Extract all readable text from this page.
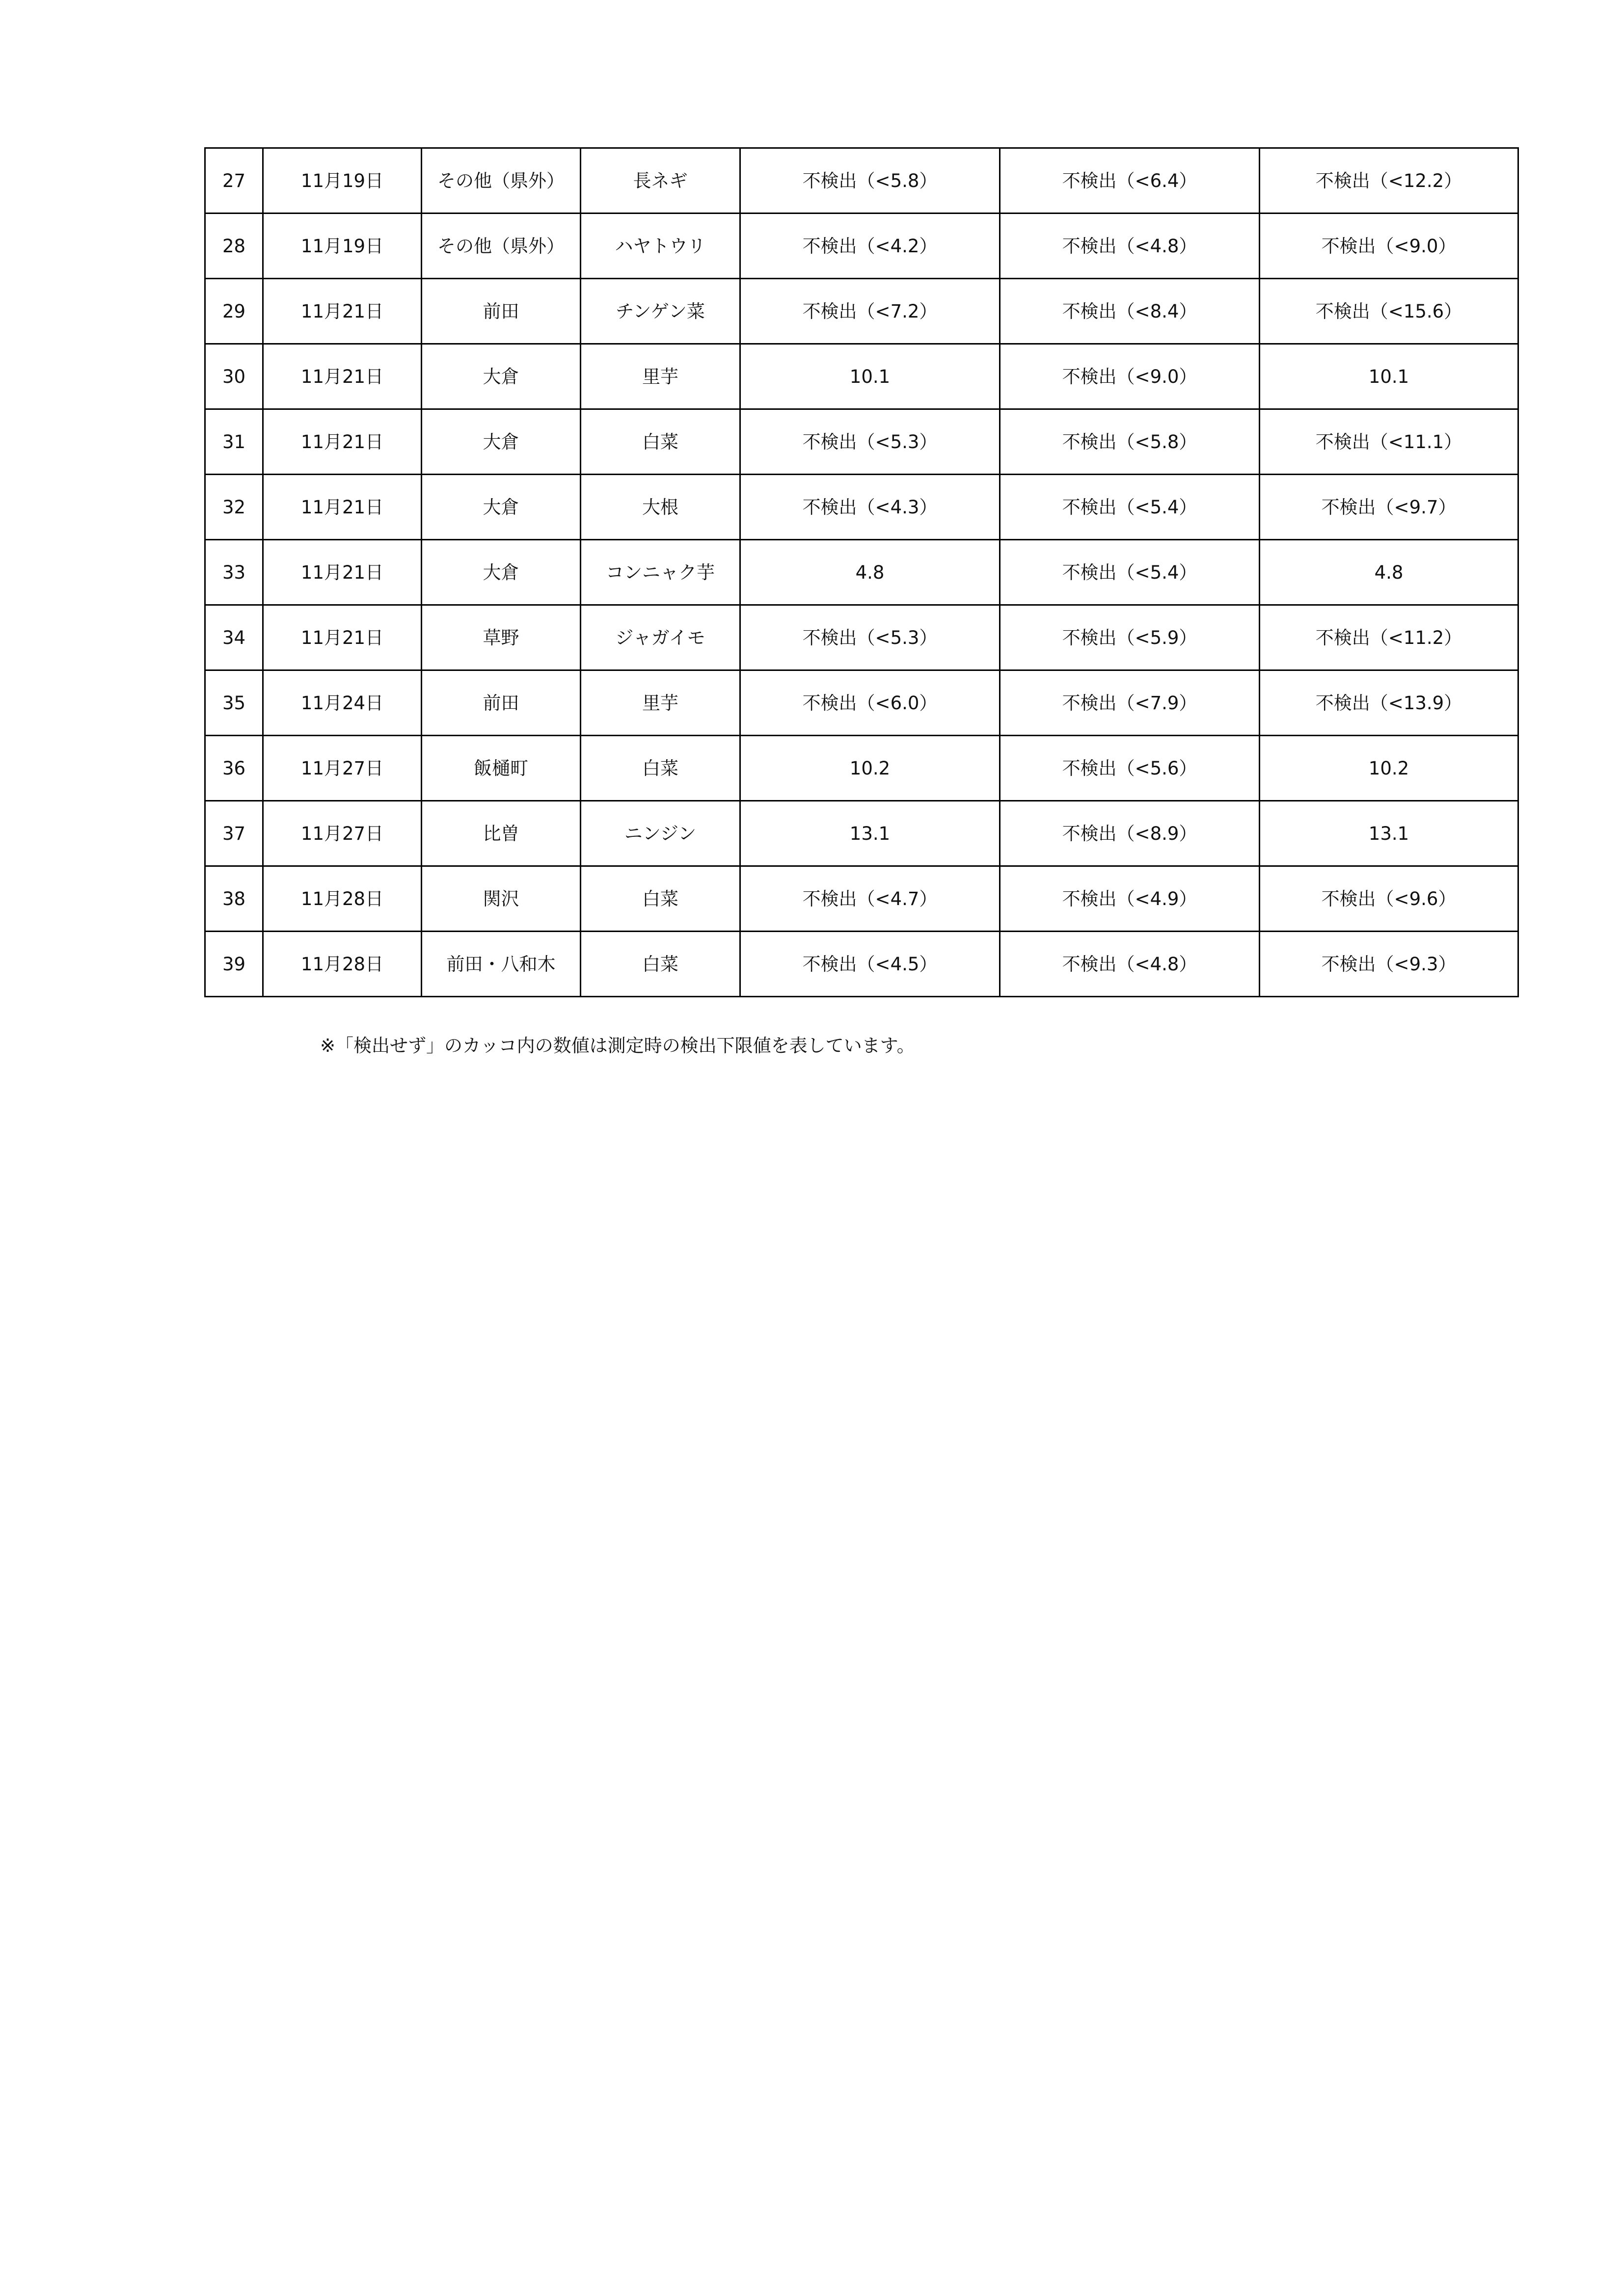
27	11月19日	その他（県外）	長ネギ	不検出（<5.8）	不検出（<6.4）	不検出（<12.2）
28	11月19日	その他（県外）	ハヤトウリ	不検出（<4.2）	不検出（<4.8）	不検出（<9.0）
29	11月21日	前田	チンゲン菜	不検出（<7.2）	不検出（<8.4）	不検出（<15.6）
30	11月21日	大倉	里芋	10.1	不検出（<9.0）	10.1
31	11月21日	大倉	白菜	不検出（<5.3）	不検出（<5.8）	不検出（<11.1）
32	11月21日	大倉	大根	不検出（<4.3）	不検出（<5.4）	不検出（<9.7）
33	11月21日	大倉	コンニャク芋	4.8	不検出（<5.4）	4.8
34	11月21日	草野	ジャガイモ	不検出（<5.3）	不検出（<5.9）	不検出（<11.2）
35	11月24日	前田	里芋	不検出（<6.0）	不検出（<7.9）	不検出（<13.9）
36	11月27日	飯樋町	白菜	10.2	不検出（<5.6）	10.2
37	11月27日	比曽	ニンジン	13.1	不検出（<8.9）	13.1
38	11月28日	関沢	白菜	不検出（<4.7）	不検出（<4.9）	不検出（<9.6）
39	11月28日	前田・八和木	白菜	不検出（<4.5）	不検出（<4.8）	不検出（<9.3）
※「検出せず」のカッコ内の数値は測定時の検出下限値を表しています。
